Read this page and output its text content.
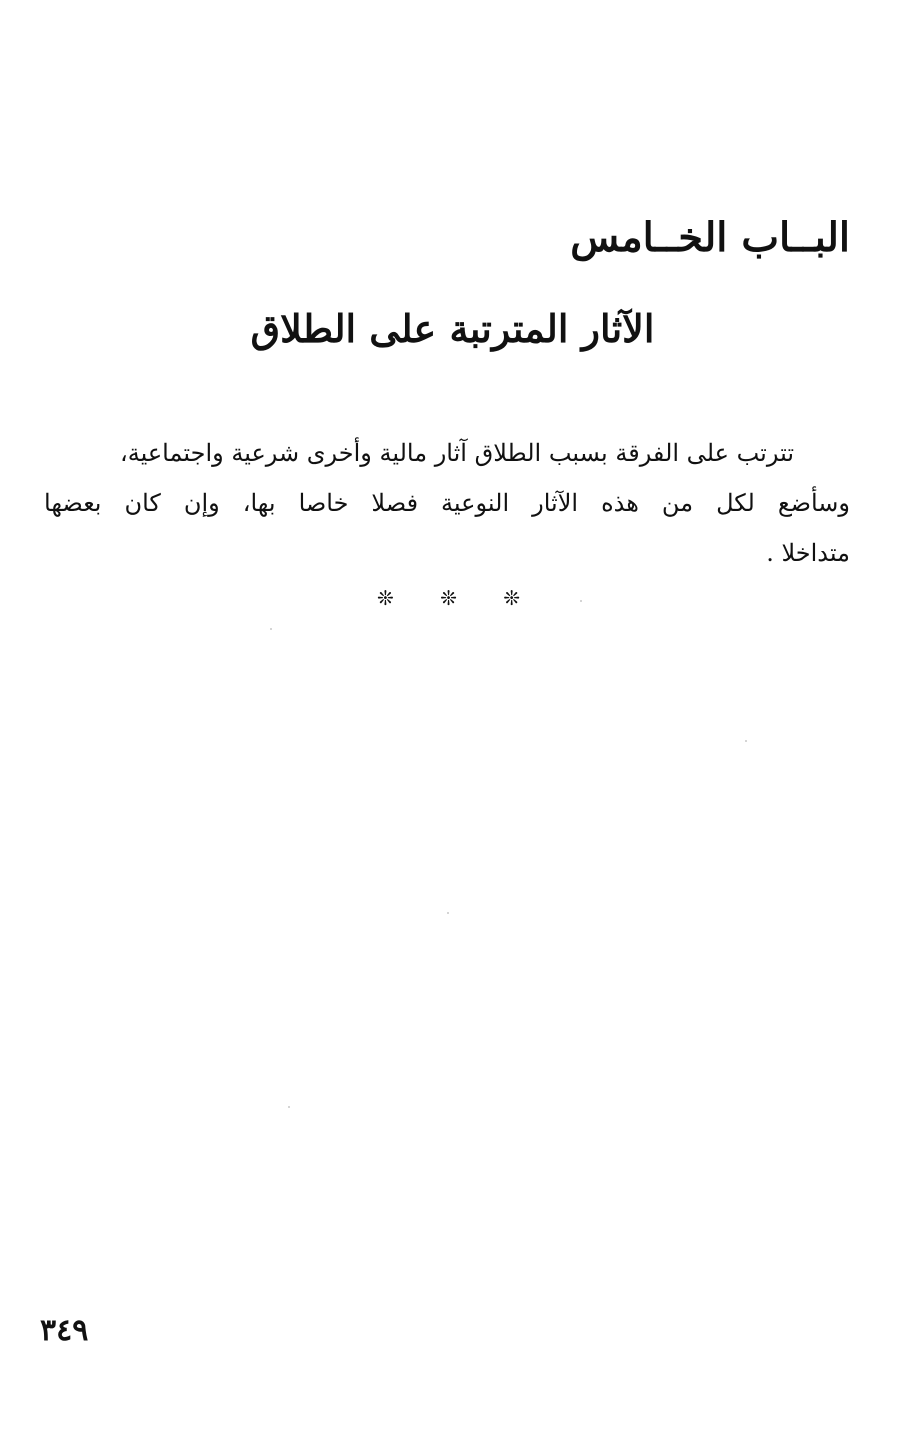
البــاب الخــامس
الآثار المترتبة على الطلاق
تترتب على الفرقة بسبب الطلاق آثار مالية وأخرى شرعية واجتماعية،
وسأضع لكل من هذه الآثار النوعية فصلا خاصا بها، وإن كان بعضها
متداخلا .
❊ ❊ ❊
٣٤٩
